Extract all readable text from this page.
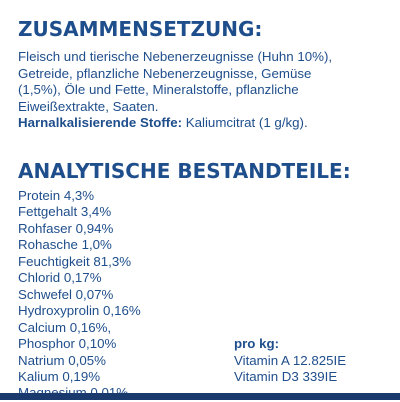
ZUSAMMENSETZUNG:

Fleisch und tierische Nebenerzeugnisse (Huhn 10%),
Getreide, pflanzliche Nebenerzeugnisse, Gemüse
(1,5%), Öle und Fette, Mineralstoffe, pflanzliche
Eiweißextrakte, Saaten.
Harnalkalisierende Stoffe: Kaliumcitrat (1 g/kg).

ANALYTISCHE BESTANDTEILE:
Protein 4,3%
Fettgehalt 3,4%
Rohfaser 0,94%
Rohasche 1,0%
Feuchtigkeit 81,3%
Chlorid 0,17%
Schwefel 0,07%
Hydroxyprolin 0,16%
Calcium 0,16%,
Phosphor 0,10%
Natrium 0,05%
Kalium 0,19%
pro kg:
Vitamin A 12.825IE
Vitamin D3 339IE
